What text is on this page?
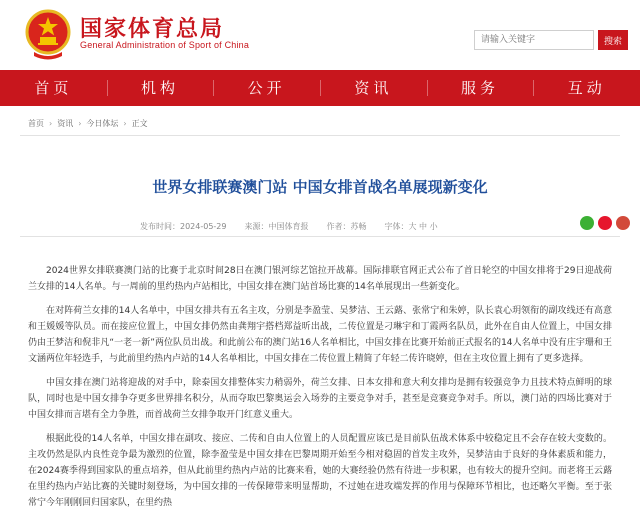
国家体育总局
General Administration of Sport of China
请输入关键字	搜索
首页	机构	公开	资讯	服务	互动
首页 › 资讯 › 今日体坛 › 正文
世界女排联赛澳门站 中国女排首战名单展现新变化
发布时间：2024-05-29 来源：中国体育报 作者：苏畅 字体：大 中 小

2024世界女排联赛澳门站的比赛于北京时间28日在澳门银河综艺馆拉开战幕。国际排联官网正式公布了首日轮空的中国女排将于29日迎战荷兰女排的14人名单。与一周前的里约热内卢站相比，中国女排在澳门站首场比赛的14名单展现出一些新变化。

在对阵荷兰女排的14人名单中，中国女排共有五名主攻，分别是李盈莹、吴梦洁、王云蕗、张常宁和朱婷，队长袁心玥领衔的副攻线还有高意和王媛媛等队员。而在接应位置上，中国女排仍然由龚翔宇搭档郑益昕出战，二传位置是刁琳宇和丁霞两名队员，此外在自由人位置上，中国女排仍由王梦洁和倪非凡“一老一新”两位队员出战。和此前公布的澳门站16人名单相比，中国女排在比赛开始前正式报名的14人名单中没有庄宇珊和王文涵两位年轻选手，与此前里约热内卢站的14人名单相比，中国女排在二传位置上精简了年轻二传许晓婷，但在主攻位置上拥有了更多选择。

中国女排在澳门站将迎战的对手中，除泰国女排整体实力稍弱外，荷兰女排、日本女排和意大利女排均是拥有较强竞争力且技术特点鲜明的球队，同时也是中国女排争夺更多世界排名积分，从而夺取巴黎奥运会入场券的主要竞争对手，甚至是竞赛竞争对手。所以，澳门站的四场比赛对于中国女排而言堪有全力争胜，而首战荷兰女排争取开门红意义重大。

根据此役的14人名单，中国女排在副攻、接应、二传和自由人位置上的人员配置应该已是目前队伍战术体系中较稳定且不会存在较大变数的。主攻仍然是队内良性竞争最为激烈的位置，除李盈莹是中国女排在巴黎周期开始至今相对稳固的首发主攻外，吴梦洁由于良好的身体素质和能力，在2024赛季得到国家队的重点培养，但从此前里约热内卢站的比赛来看，她的大赛经验仍然有待进一步积累，也有较大的提升空间。而老将王云蕗在里约热内卢站比赛的关键时刻登场，为中国女排的一传保障带来明显帮助，不过她在进攻端发挥的作用与保障环节相比，也还略欠平衡。至于张常宁今年刚刚回归国家队，在里约热
